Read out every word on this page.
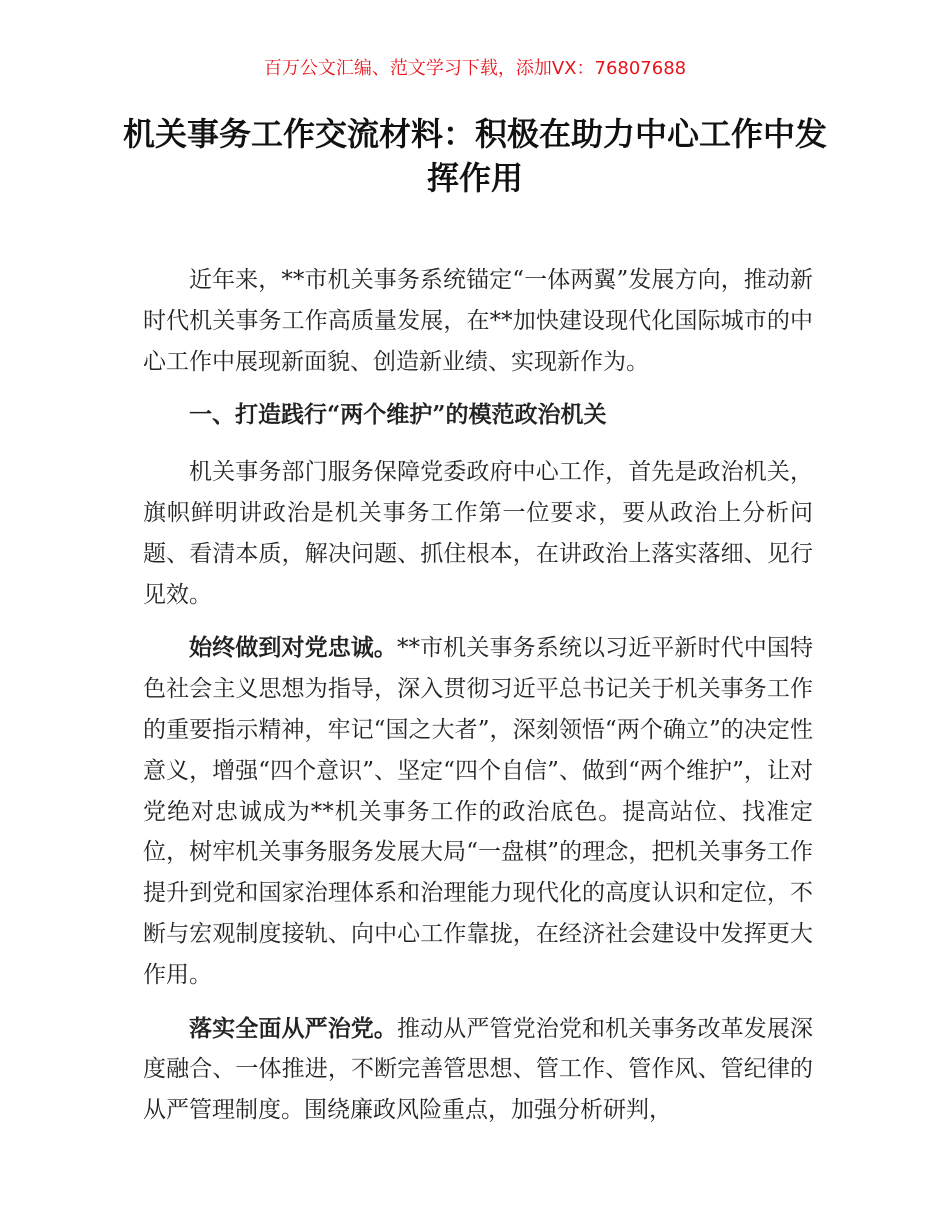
百万公文汇编、范文学习下载，添加VX：76807688
机关事务工作交流材料：积极在助力中心工作中发挥作用

近年来，**市机关事务系统锚定“一体两翼”发展方向，推动新时代机关事务工作高质量发展，在**加快建设现代化国际城市的中心工作中展现新面貌、创造新业绩、实现新作为。

一、打造践行“两个维护”的模范政治机关

机关事务部门服务保障党委政府中心工作，首先是政治机关，旗帜鲜明讲政治是机关事务工作第一位要求，要从政治上分析问题、看清本质，解决问题、抓住根本，在讲政治上落实落细、见行见效。

始终做到对党忠诚。**市机关事务系统以习近平新时代中国特色社会主义思想为指导，深入贯彻习近平总书记关于机关事务工作的重要指示精神，牢记“国之大者”，深刻领悟“两个确立”的决定性意义，增强“四个意识”、坚定“四个自信”、做到“两个维护”，让对党绝对忠诚成为**机关事务工作的政治底色。提高站位、找准定位，树牢机关事务服务发展大局“一盘棋”的理念，把机关事务工作提升到党和国家治理体系和治理能力现代化的高度认识和定位，不断与宏观制度接轨、向中心工作靠拢，在经济社会建设中发挥更大作用。

落实全面从严治党。推动从严管党治党和机关事务改革发展深度融合、一体推进，不断完善管思想、管工作、管作风、管纪律的从严管理制度。围绕廉政风险重点，加强分析研判，
